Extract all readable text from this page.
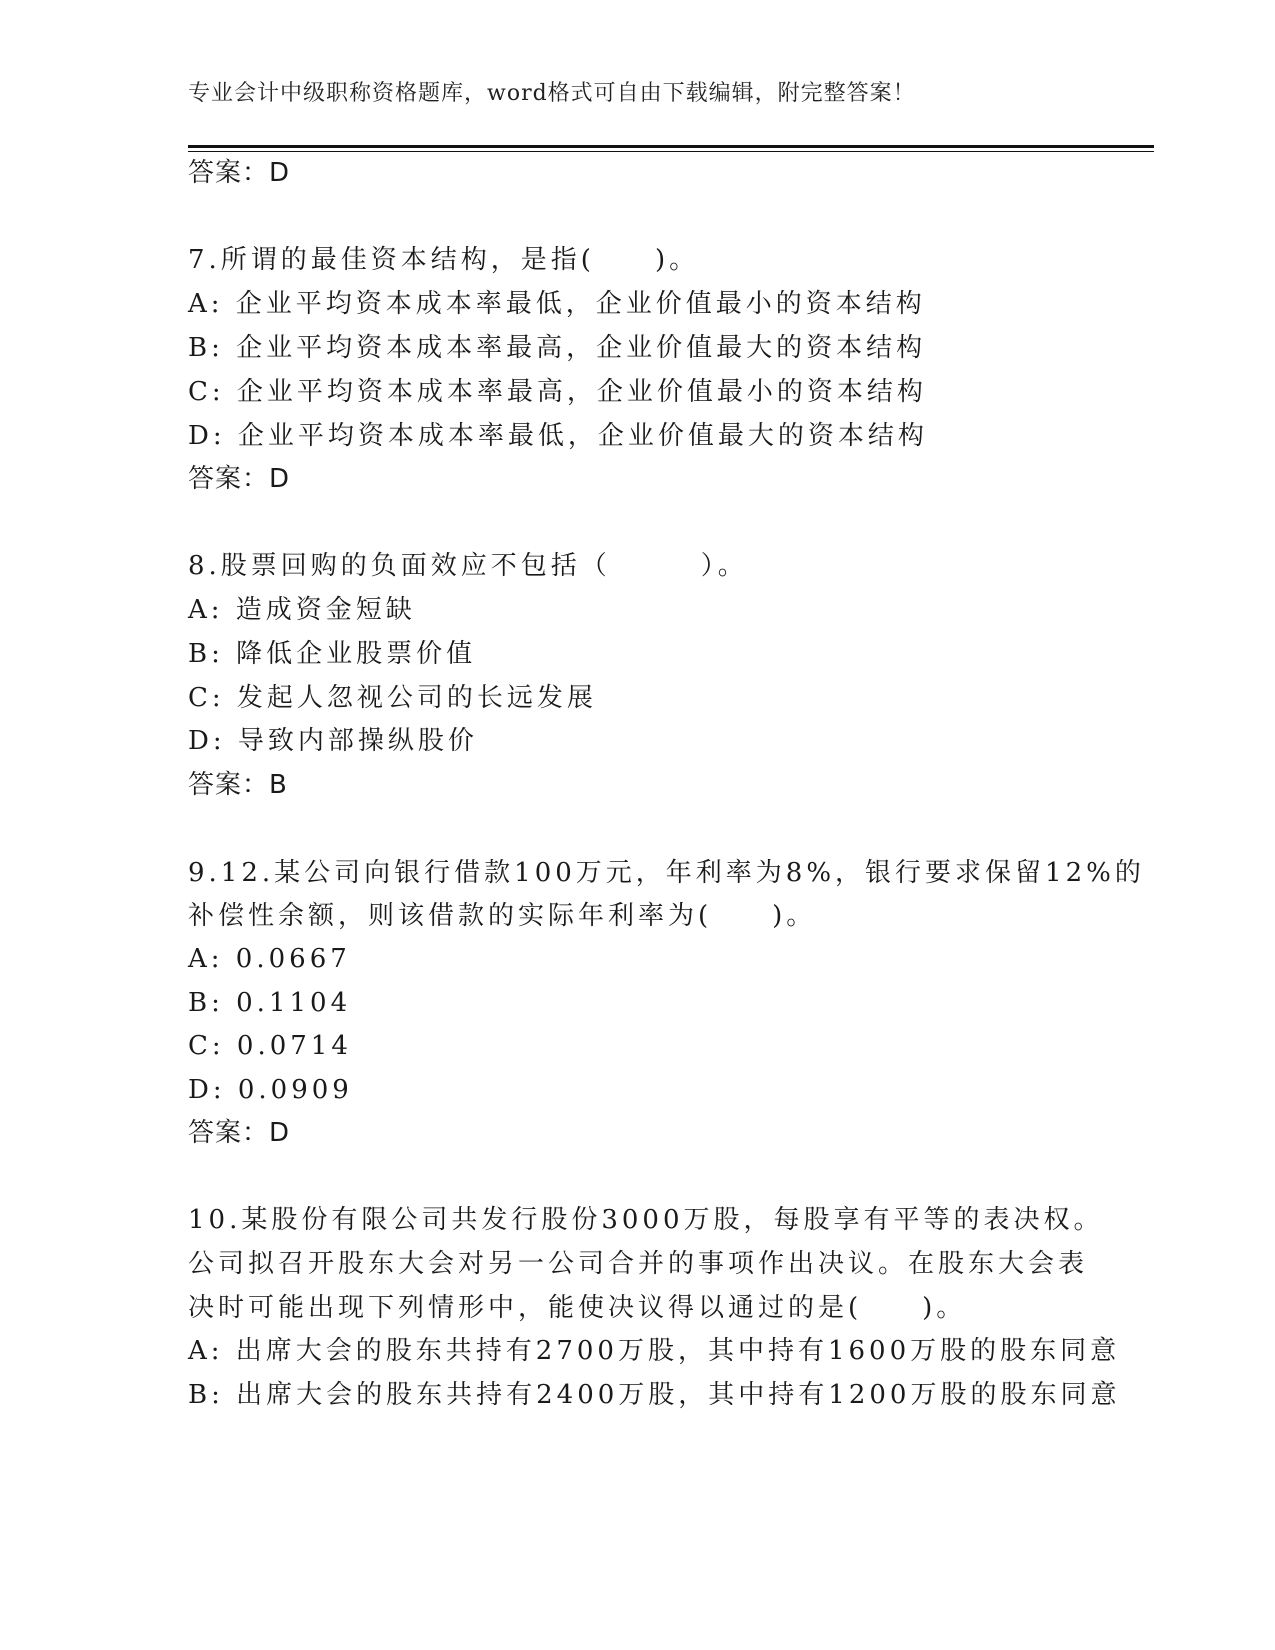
专业会计中级职称资格题库，word格式可自由下载编辑，附完整答案！
答案：D
7.所谓的最佳资本结构，是指(　　)。
A: 企业平均资本成本率最低，企业价值最小的资本结构
B: 企业平均资本成本率最高，企业价值最大的资本结构
C: 企业平均资本成本率最高，企业价值最小的资本结构
D: 企业平均资本成本率最低，企业价值最大的资本结构
答案：D
8.股票回购的负面效应不包括（　　　）。
A: 造成资金短缺
B: 降低企业股票价值
C: 发起人忽视公司的长远发展
D: 导致内部操纵股价
答案：B
9.12.某公司向银行借款100万元，年利率为8%，银行要求保留12%的
补偿性余额，则该借款的实际年利率为(　　)。
A: 0.0667
B: 0.1104
C: 0.0714
D: 0.0909
答案：D
10.某股份有限公司共发行股份3000万股，每股享有平等的表决权。
公司拟召开股东大会对另一公司合并的事项作出决议。在股东大会表
决时可能出现下列情形中，能使决议得以通过的是(　　)。
A: 出席大会的股东共持有2700万股，其中持有1600万股的股东同意
B: 出席大会的股东共持有2400万股，其中持有1200万股的股东同意
